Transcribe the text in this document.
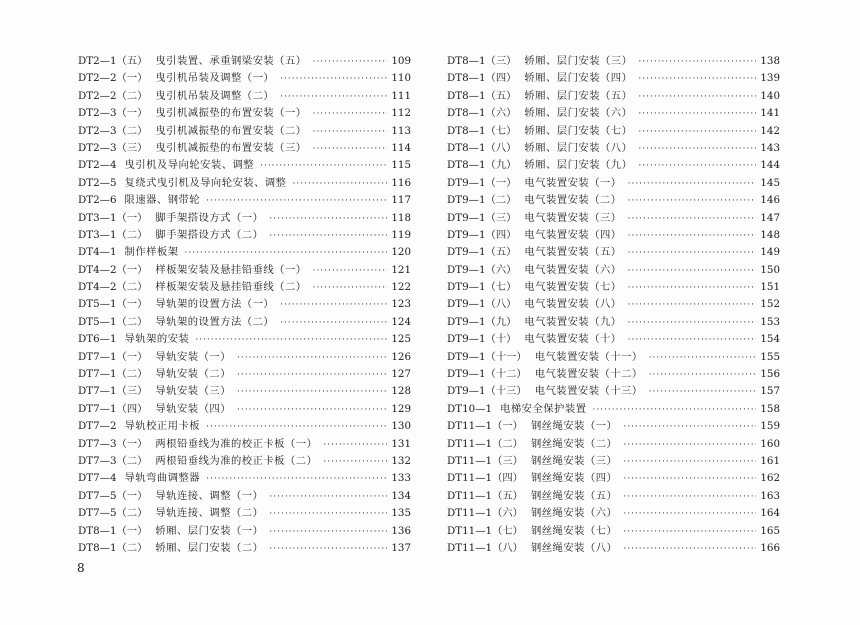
DT2—1（五） 曳引装置、承重钢梁安装（五） ·····	109
DT2—2（一） 曳引机吊装及调整（一） ·····	110
DT2—2（二） 曳引机吊装及调整（二） ·····	111
DT2—3（一） 曳引机减振垫的布置安装（一） ·····	112
DT2—3（二） 曳引机减振垫的布置安装（二） ·····	113
DT2—3（三） 曳引机减振垫的布置安装（三） ·····	114
DT2—4 曳引机及导向轮安装、调整 ·····	115
DT2—5 复绕式曳引机及导向轮安装、调整 ·····	116
DT2—6 限速器、钢带轮 ·····	117
DT3—1（一） 脚手架搭设方式（一） ·····	118
DT3—1（二） 脚手架搭设方式（二） ·····	119
DT4—1 制作样板架 ·····	120
DT4—2（一） 样板架安装及悬挂铅垂线（一） ·····	121
DT4—2（二） 样板架安装及悬挂铅垂线（二） ·····	122
DT5—1（一） 导轨架的设置方法（一） ·····	123
DT5—1（二） 导轨架的设置方法（二） ·····	124
DT6—1 导轨架的安装 ·····	125
DT7—1（一） 导轨安装（一） ·····	126
DT7—1（二） 导轨安装（二） ·····	127
DT7—1（三） 导轨安装（三） ·····	128
DT7—1（四） 导轨安装（四） ·····	129
DT7—2 导轨校正用卡板 ·····	130
DT7—3（一） 两根铅垂线为准的校正卡板（一） ·····	131
DT7—3（二） 两根铅垂线为准的校正卡板（二） ·····	132
DT7—4 导轨弯曲调整器 ·····	133
DT7—5（一） 导轨连接、调整（一） ·····	134
DT7—5（二） 导轨连接、调整（二） ·····	135
DT8—1（一） 轿厢、层门安装（一） ·····	136
DT8—1（二） 轿厢、层门安装（二） ·····	137
DT8—1（三） 轿厢、层门安装（三） ·····	138
DT8—1（四） 轿厢、层门安装（四） ·····	139
DT8—1（五） 轿厢、层门安装（五） ·····	140
DT8—1（六） 轿厢、层门安装（六） ·····	141
DT8—1（七） 轿厢、层门安装（七） ·····	142
DT8—1（八） 轿厢、层门安装（八） ·····	143
DT8—1（九） 轿厢、层门安装（九） ·····	144
DT9—1（一） 电气装置安装（一） ·····	145
DT9—1（二） 电气装置安装（二） ·····	146
DT9—1（三） 电气装置安装（三） ·····	147
DT9—1（四） 电气装置安装（四） ·····	148
DT9—1（五） 电气装置安装（五） ·····	149
DT9—1（六） 电气装置安装（六） ·····	150
DT9—1（七） 电气装置安装（七） ·····	151
DT9—1（八） 电气装置安装（八） ·····	152
DT9—1（九） 电气装置安装（九） ·····	153
DT9—1（十） 电气装置安装（十） ·····	154
DT9—1（十一） 电气装置安装（十一） ·····	155
DT9—1（十二） 电气装置安装（十二） ·····	156
DT9—1（十三） 电气装置安装（十三） ·····	157
DT10—1 电梯安全保护装置 ·····	158
DT11—1（一） 钢丝绳安装（一） ·····	159
DT11—1（二） 钢丝绳安装（二） ·····	160
DT11—1（三） 钢丝绳安装（三） ·····	161
DT11—1（四） 钢丝绳安装（四） ·····	162
DT11—1（五） 钢丝绳安装（五） ·····	163
DT11—1（六） 钢丝绳安装（六） ·····	164
DT11—1（七） 钢丝绳安装（七） ·····	165
DT11—1（八） 钢丝绳安装（八） ·····	166
8
